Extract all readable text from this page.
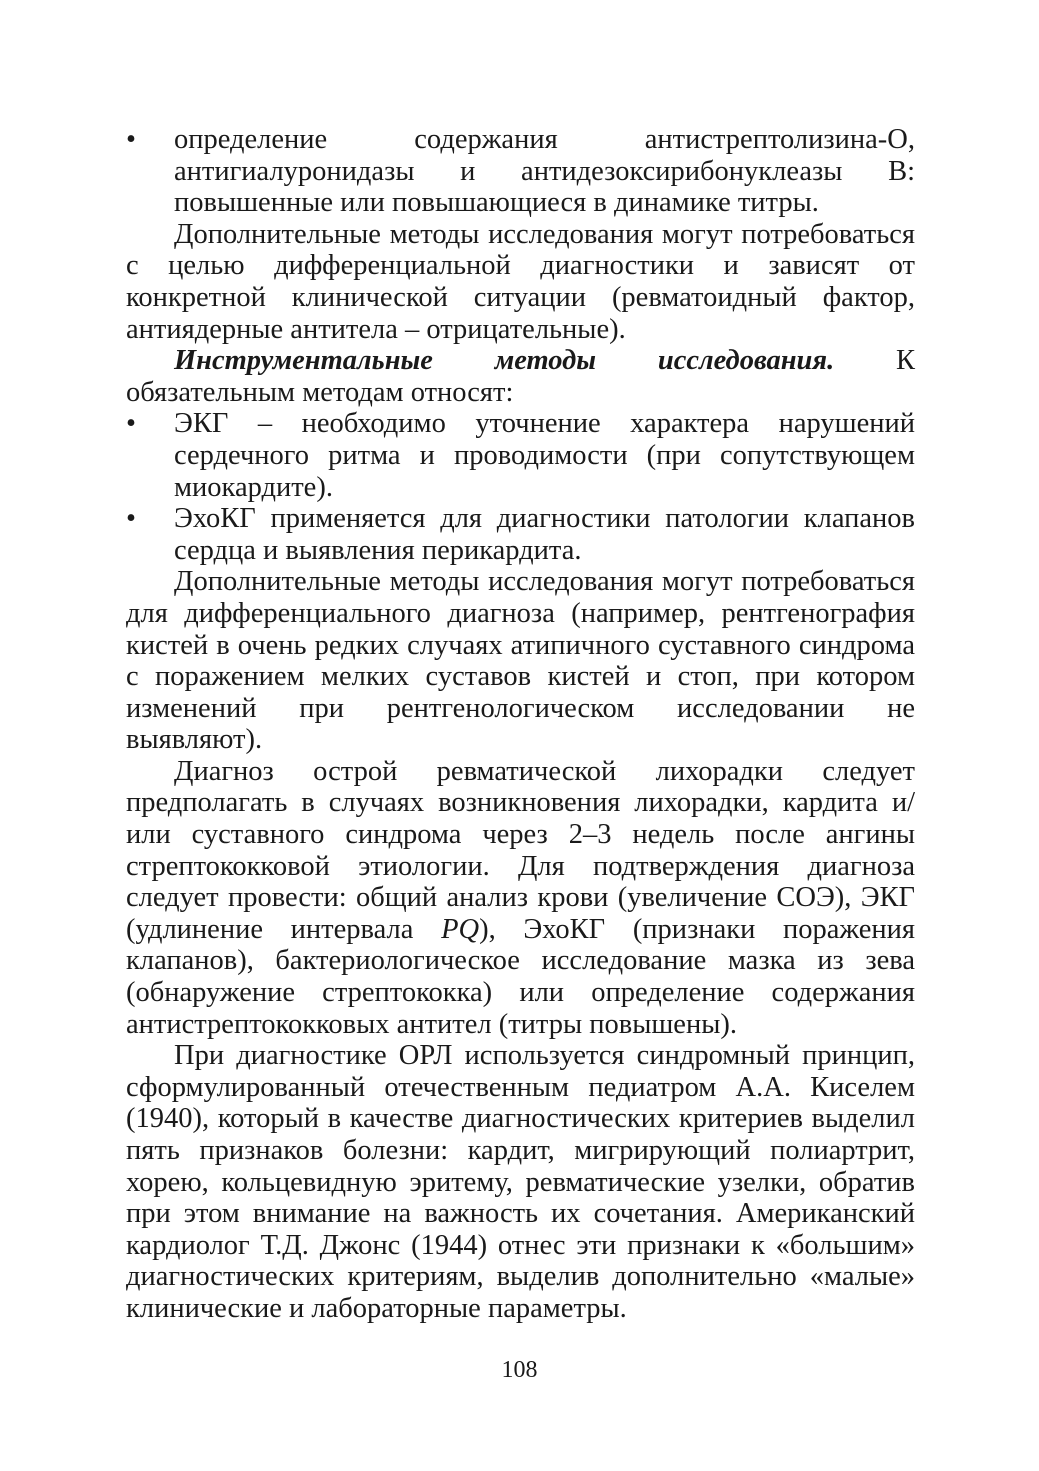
•	определение содержания антистрептолизина-О, антигиалуронидазы и антидезоксирибонуклеазы В: повышенные или повышающиеся в динамике титры.

Дополнительные методы исследования могут потребоваться с целью дифференциальной диагностики и зависят от конкретной клинической ситуации (ревматоидный фактор, антиядерные антитела – отрицательные).

Инструментальные методы исследования. К обязательным методам относят:

•	ЭКГ – необходимо уточнение характера нарушений сердечного ритма и проводимости (при сопутствующем миокардите).

•	ЭхоКГ применяется для диагностики патологии клапанов сердца и выявления перикардита.

Дополнительные методы исследования могут потребоваться для дифференциального диагноза (например, рентгенография кистей в очень редких случаях атипичного суставного синдрома с поражением мелких суставов кистей и стоп, при котором изменений при рентгенологическом исследовании не выявляют).

Диагноз острой ревматической лихорадки следует предполагать в случаях возникновения лихорадки, кардита и/или суставного синдрома через 2–3 недель после ангины стрептококковой этиологии. Для подтверждения диагноза следует провести: общий анализ крови (увеличение СОЭ), ЭКГ (удлинение интервала PQ), ЭхоКГ (признаки поражения клапанов), бактериологическое исследование мазка из зева (обнаружение стрептококка) или определение содержания антистрептококковых антител (титры повышены).

При диагностике ОРЛ используется синдромный принцип, сформулированный отечественным педиатром А.А. Киселем (1940), который в качестве диагностических критериев выделил пять признаков болезни: кардит, мигрирующий полиартрит, хорею, кольцевидную эритему, ревматические узелки, обратив при этом внимание на важность их сочетания. Американский кардиолог Т.Д. Джонс (1944) отнес эти признаки к «большим» диагностических критериям, выделив дополнительно «малые» клинические и лабораторные параметры.

108
